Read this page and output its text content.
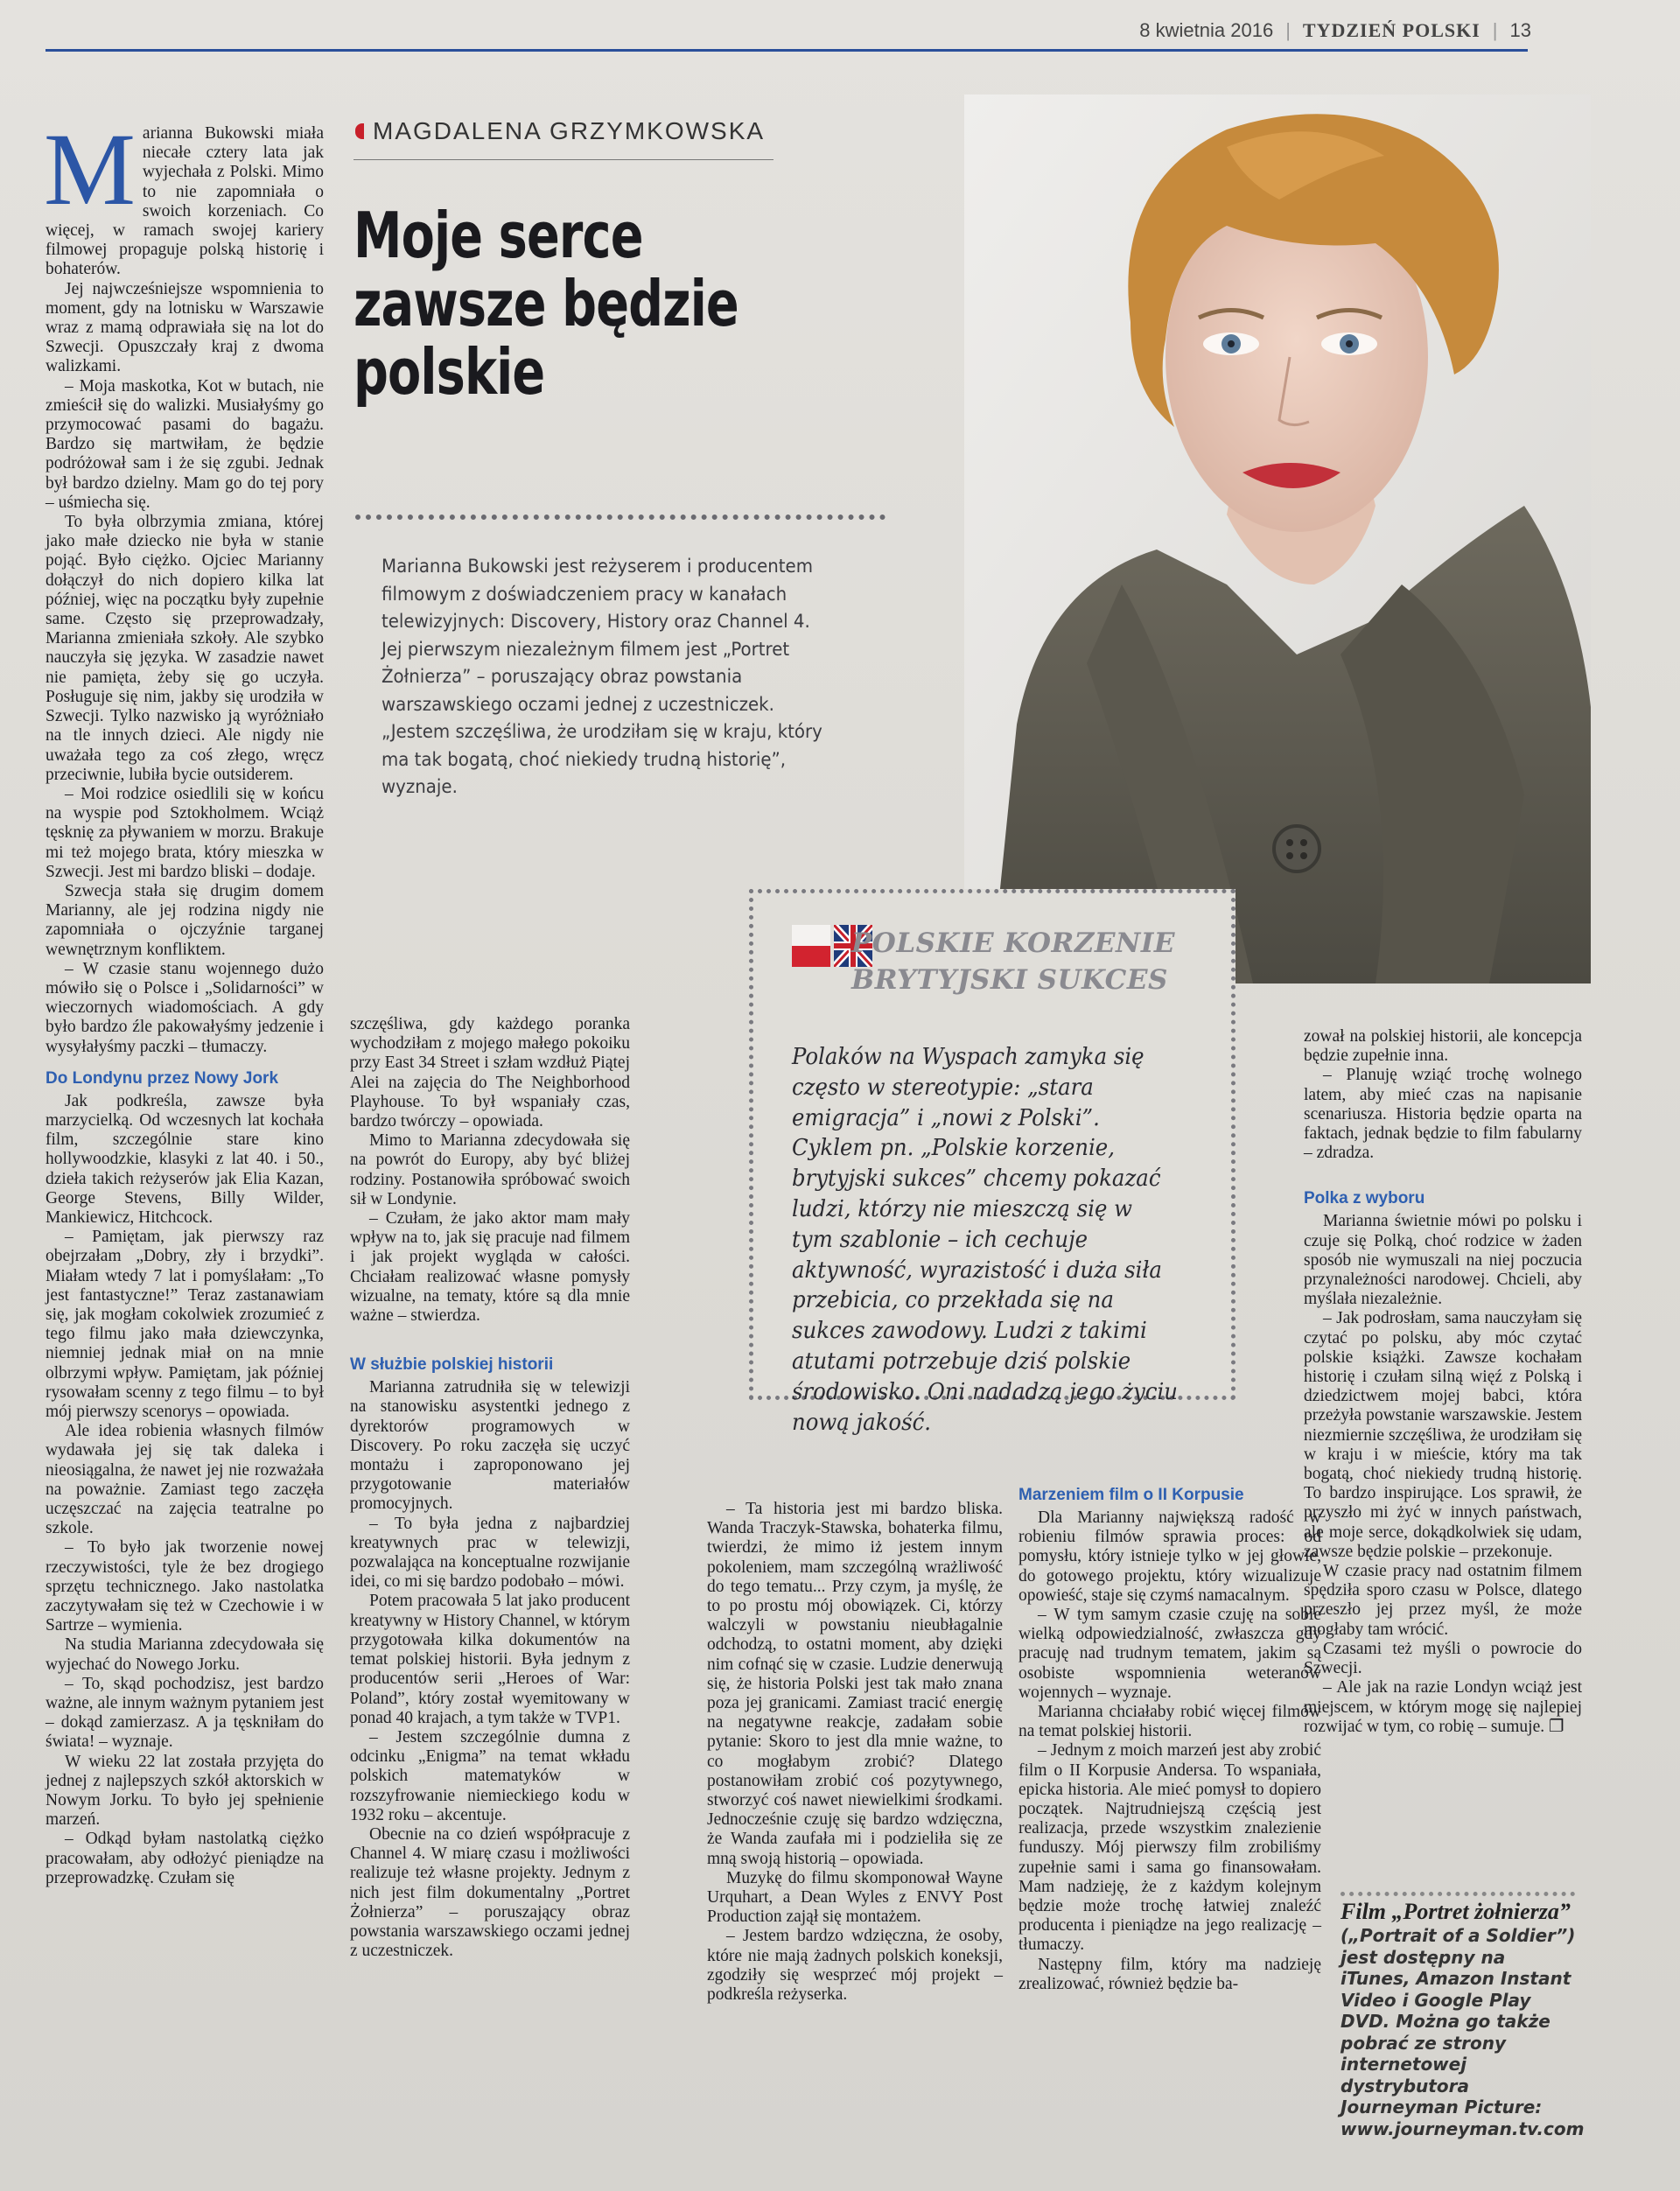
8 kwietnia 2016 | TYDZIEŃ POLSKI | 13
M arianna Bukowski miała niecałe cztery lata jak wyjechała z Polski. Mimo to nie zapomniała o swoich korzeniach. Co więcej, w ramach swojej kariery filmowej propaguje polską historię i bohaterów.

Jej najwcześniejsze wspomnienia to moment, gdy na lotnisku w Warszawie wraz z mamą odprawiała się na lot do Szwecji. Opuszczały kraj z dwoma walizkami.

– Moja maskotka, Kot w butach, nie zmieścił się do walizki. Musiałyśmy go przymocować pasami do bagażu. Bardzo się martwiłam, że będzie podróżował sam i że się zgubi. Jednak był bardzo dzielny. Mam go do tej pory – uśmiecha się.

To była olbrzymia zmiana, której jako małe dziecko nie była w stanie pojąć. Było ciężko. Ojciec Marianny dołączył do nich dopiero kilka lat później, więc na początku były zupełnie same. Często się przeprowadzały, Marianna zmieniała szkoły. Ale szybko nauczyła się języka. W zasadzie nawet nie pamięta, żeby się go uczyła. Posługuje się nim, jakby się urodziła w Szwecji. Tylko nazwisko ją wyróżniało na tle innych dzieci. Ale nigdy nie uważała tego za coś złego, wręcz przeciwnie, lubiła bycie outsiderem.

– Moi rodzice osiedlili się w końcu na wyspie pod Sztokholmem. Wciąż tęsknię za pływaniem w morzu. Brakuje mi też mojego brata, który mieszka w Szwecji. Jest mi bardzo bliski – dodaje.

Szwecja stała się drugim domem Marianny, ale jej rodzina nigdy nie zapomniała o ojczyźnie targanej wewnętrznym konfliktem.

– W czasie stanu wojennego dużo mówiło się o Polsce i „Solidarności” w wieczornych wiadomościach. A gdy było bardzo źle pakowałyśmy jedzenie i wysyłałyśmy paczki – tłumaczy.

Do Londynu przez Nowy Jork

Jak podkreśla, zawsze była marzycielką. Od wczesnych lat kochała film, szczególnie stare kino hollywoodzkie, klasyki z lat 40. i 50., dzieła takich reżyserów jak Elia Kazan, George Stevens, Billy Wilder, Mankiewicz, Hitchcock.

– Pamiętam, jak pierwszy raz obejrzałam „Dobry, zły i brzydki”. Miałam wtedy 7 lat i pomyślałam: „To jest fantastyczne!” Teraz zastanawiam się, jak mogłam cokolwiek zrozumieć z tego filmu jako mała dziewczynka, niemniej jednak miał on na mnie olbrzymi wpływ. Pamiętam, jak później rysowałam scenny z tego filmu – to był mój pierwszy scenorys – opowiada.

Ale idea robienia własnych filmów wydawała jej się tak daleka i nieosiągalna, że nawet jej nie rozważała na poważnie. Zamiast tego zaczęła uczęszczać na zajęcia teatralne po szkole.

– To było jak tworzenie nowej rzeczywistości, tyle że bez drogiego sprzętu technicznego. Jako nastolatka zaczytywałam się też w Czechowie i w Sartrze – wymienia.

Na studia Marianna zdecydowała się wyjechać do Nowego Jorku.

– To, skąd pochodzisz, jest bardzo ważne, ale innym ważnym pytaniem jest – dokąd zamierzasz. A ja tęskniłam do świata! – wyznaje.

W wieku 22 lat została przyjęta do jednej z najlepszych szkół aktorskich w Nowym Jorku. To było jej spełnienie marzeń.

– Odkąd byłam nastolatką ciężko pracowałam, aby odłożyć pieniądze na przeprowadzkę. Czułam się

MAGDALENA GRZYMKOWSKA
Moje serce zawsze będzie polskie
Marianna Bukowski jest reżyserem i producentem filmowym z doświadczeniem pracy w kanałach telewizyjnych: Discovery, History oraz Channel 4. Jej pierwszym niezależnym filmem jest „Portret Żołnierza” – poruszający obraz powstania warszawskiego oczami jednej z uczestniczek. „Jestem szczęśliwa, że urodziłam się w kraju, który ma tak bogatą, choć niekiedy trudną historię”, wyznaje.

POLSKIE KORZENIE
BRYTYJSKI SUKCES
Polaków na Wyspach zamyka się często w stereotypie: „stara emigracja” i „nowi z Polski”. Cyklem pn. „Polskie korzenie, brytyjski sukces” chcemy pokazać ludzi, którzy nie mieszczą się w tym szablonie – ich cechuje aktywność, wyrazistość i duża siła przebicia, co przekłada się na sukces zawodowy. Ludzi z takimi atutami potrzebuje dziś polskie środowisko. Oni nadadzą jego życiu nową jakość.

szczęśliwa, gdy każdego poranka wychodziłam z mojego małego pokoiku przy East 34 Street i szłam wzdłuż Piątej Alei na zajęcia do The Neighborhood Playhouse. To był wspaniały czas, bardzo twórczy – opowiada.

Mimo to Marianna zdecydowała się na powrót do Europy, aby być bliżej rodziny. Postanowiła spróbować swoich sił w Londynie.

– Czułam, że jako aktor mam mały wpływ na to, jak się pracuje nad filmem i jak projekt wygląda w całości. Chciałam realizować własne pomysły wizualne, na tematy, które są dla mnie ważne – stwierdza.

W służbie polskiej historii

Marianna zatrudniła się w telewizji na stanowisku asystentki jednego z dyrektorów programowych w Discovery. Po roku zaczęła się uczyć montażu i zaproponowano jej przygotowanie materiałów promocyjnych.

– To była jedna z najbardziej kreatywnych prac w telewizji, pozwalająca na konceptualne rozwijanie idei, co mi się bardzo podobało – mówi.

Potem pracowała 5 lat jako producent kreatywny w History Channel, w którym przygotowała kilka dokumentów na temat polskiej historii. Była jednym z producentów serii „Heroes of War: Poland”, który został wyemitowany w ponad 40 krajach, a tym także w TVP1.

– Jestem szczególnie dumna z odcinku „Enigma” na temat wkładu polskich matematyków w rozszyfrowanie niemieckiego kodu w 1932 roku – akcentuje.

Obecnie na co dzień współpracuje z Channel 4. W miarę czasu i możliwości realizuje też własne projekty. Jednym z nich jest film dokumentalny „Portret Żołnierza” – poruszający obraz powstania warszawskiego oczami jednej z uczestniczek.

– Ta historia jest mi bardzo bliska. Wanda Traczyk-Stawska, bohaterka filmu, twierdzi, że mimo iż jestem innym pokoleniem, mam szczególną wrażliwość do tego tematu... Przy czym, ja myślę, że to po prostu mój obowiązek. Ci, którzy walczyli w powstaniu nieubłagalnie odchodzą, to ostatni moment, aby dzięki nim cofnąć się w czasie. Ludzie denerwują się, że historia Polski jest tak mało znana poza jej granicami. Zamiast tracić energię na negatywne reakcje, zadałam sobie pytanie: Skoro to jest dla mnie ważne, to co mogłabym zrobić? Dlatego postanowiłam zrobić coś pozytywnego, stworzyć coś nawet niewielkimi środkami. Jednocześnie czuję się bardzo wdzięczna, że Wanda zaufała mi i podzieliła się ze mną swoją historią – opowiada.

Muzykę do filmu skomponował Wayne Urquhart, a Dean Wyles z ENVY Post Production zajął się montażem.

– Jestem bardzo wdzięczna, że osoby, które nie mają żadnych polskich koneksji, zgodziły się wesprzeć mój projekt – podkreśla reżyserka.

Marzeniem film o II Korpusie

Dla Marianny największą radość w robieniu filmów sprawia proces: od pomysłu, który istnieje tylko w jej głowie, do gotowego projektu, który wizualizuje opowieść, staje się czymś namacalnym.

– W tym samym czasie czuję na sobie wielką odpowiedzialność, zwłaszcza gdy pracuję nad trudnym tematem, jakim są osobiste wspomnienia weteranów wojennych – wyznaje.

Marianna chciałaby robić więcej filmów na temat polskiej historii.

– Jednym z moich marzeń jest aby zrobić film o II Korpusie Andersa. To wspaniała, epicka historia. Ale mieć pomysł to dopiero początek. Najtrudniejszą częścią jest realizacja, przede wszystkim znalezienie funduszy. Mój pierwszy film zrobiliśmy zupełnie sami i sama go finansowałam. Mam nadzieję, że z każdym kolejnym będzie może trochę łatwiej znaleźć producenta i pieniądze na jego realizację – tłumaczy.

Następny film, który ma nadzieję zrealizować, również będzie ba-

zował na polskiej historii, ale koncepcja będzie zupełnie inna.

– Planuję wziąć trochę wolnego latem, aby mieć czas na napisanie scenariusza. Historia będzie oparta na faktach, jednak będzie to film fabularny – zdradza.

Polka z wyboru

Marianna świetnie mówi po polsku i czuje się Polką, choć rodzice w żaden sposób nie wymuszali na niej poczucia przynależności narodowej. Chcieli, aby myślała niezależnie.

– Jak podrosłam, sama nauczyłam się czytać po polsku, aby móc czytać polskie książki. Zawsze kochałam historię i czułam silną więź z Polską i dziedzictwem mojej babci, która przeżyła powstanie warszawskie. Jestem niezmiernie szczęśliwa, że urodziłam się w kraju i w mieście, który ma tak bogatą, choć niekiedy trudną historię. To bardzo inspirujące. Los sprawił, że przyszło mi żyć w innych państwach, ale moje serce, dokądkolwiek się udam, zawsze będzie polskie – przekonuje.

W czasie pracy nad ostatnim filmem spędziła sporo czasu w Polsce, dlatego przeszło jej przez myśl, że może mogłaby tam wrócić.

Czasami też myśli o powrocie do Szwecji.

– Ale jak na razie Londyn wciąż jest miejscem, w którym mogę się najlepiej rozwijać w tym, co robię – sumuje. ❐

Film „Portret żołnierza”
(„Portrait of a Soldier”) jest dostępny na iTunes, Amazon Instant Video i Google Play DVD. Można go także pobrać ze strony internetowej dystrybutora Journeyman Picture: www.journeyman.tv.com
